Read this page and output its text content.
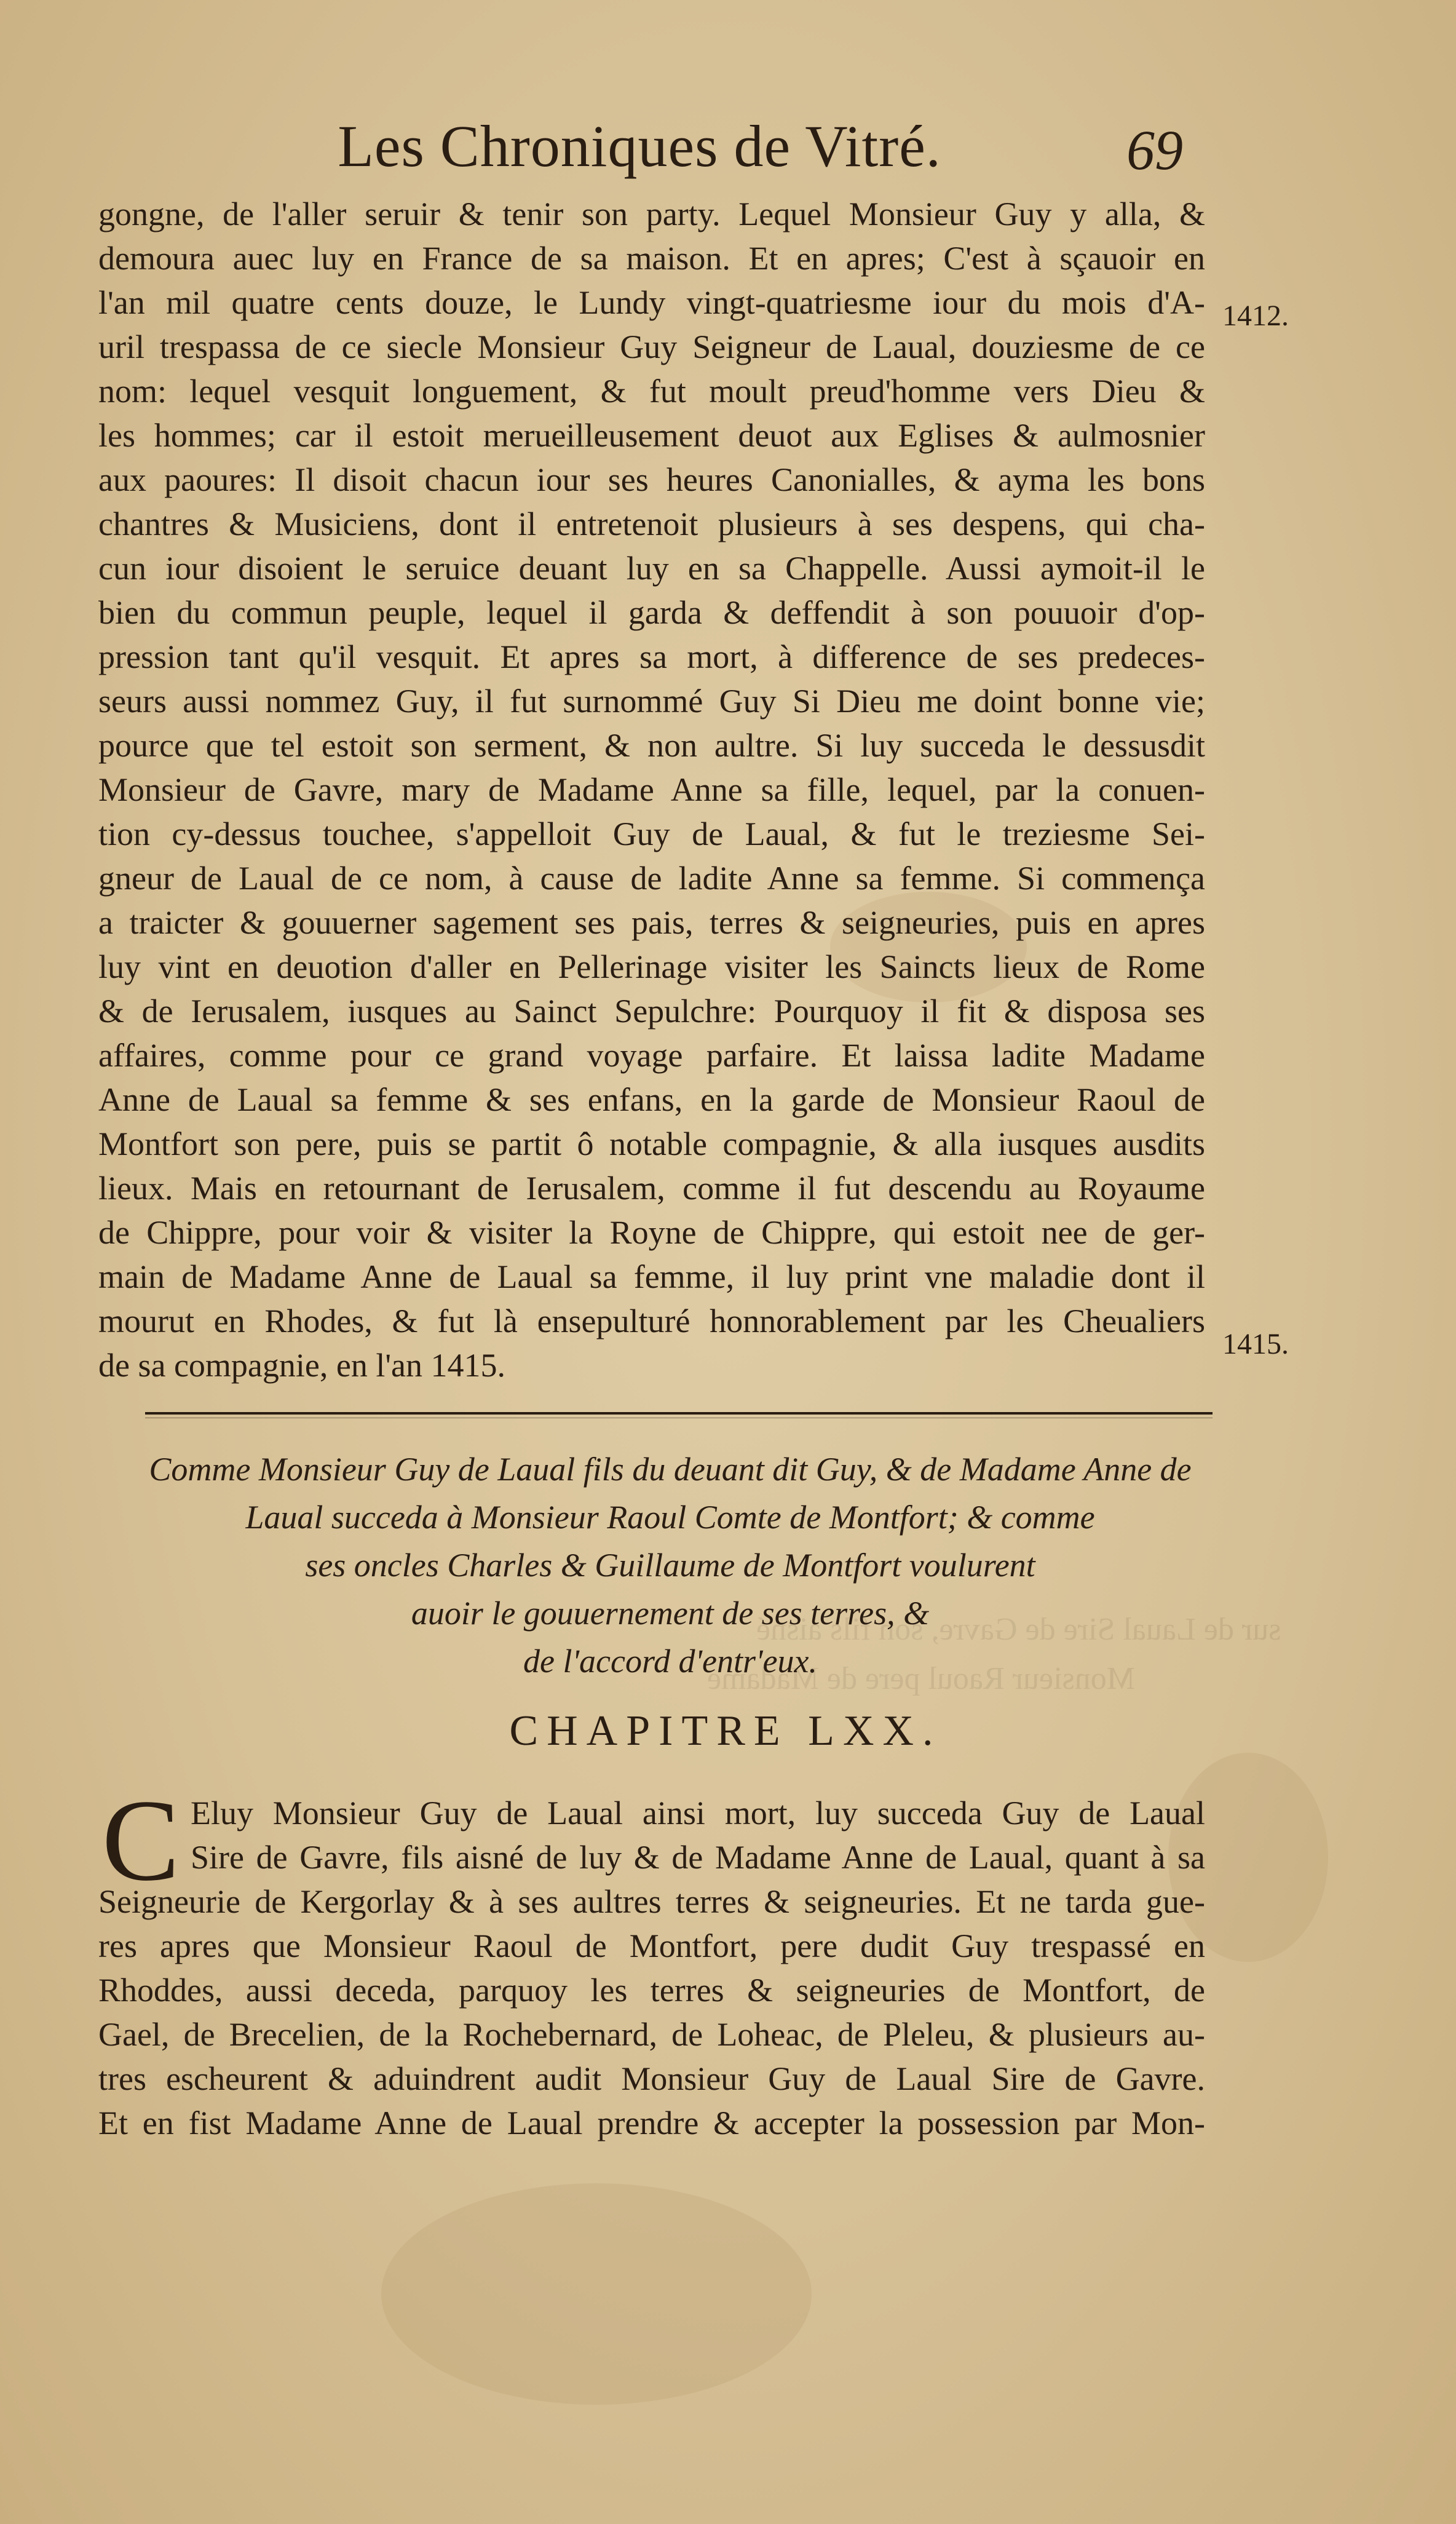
sur de Laual Sire de Gavre, son fils aisné
Monsieur Raoul pere de Madame
Les Chroniques de Vitré.	69
gongne, de l'aller seruir & tenir son party. Lequel Monsieur Guy y alla, &
demoura auec luy en France de sa maison. Et en apres; C'est à sçauoir en
l'an mil quatre cents douze, le Lundy vingt-quatriesme iour du mois d'A-
uril trespassa de ce siecle Monsieur Guy Seigneur de Laual, douziesme de ce
nom: lequel vesquit longuement, & fut moult preud'homme vers Dieu &
les hommes; car il estoit merueilleusement deuot aux Eglises & aulmosnier
aux paoures: Il disoit chacun iour ses heures Canonialles, & ayma les bons
chantres & Musiciens, dont il entretenoit plusieurs à ses despens, qui cha-
cun iour disoient le seruice deuant luy en sa Chappelle. Aussi aymoit-il le
bien du commun peuple, lequel il garda & deffendit à son pouuoir d'op-
pression tant qu'il vesquit. Et apres sa mort, à difference de ses predeces-
seurs aussi nommez Guy, il fut surnommé Guy Si Dieu me doint bonne vie;
pource que tel estoit son serment, & non aultre. Si luy succeda le dessusdit
Monsieur de Gavre, mary de Madame Anne sa fille, lequel, par la conuen-
tion cy-dessus touchee, s'appelloit Guy de Laual, & fut le treziesme Sei-
gneur de Laual de ce nom, à cause de ladite Anne sa femme. Si commença
a traicter & gouuerner sagement ses pais, terres & seigneuries, puis en apres
luy vint en deuotion d'aller en Pellerinage visiter les Saincts lieux de Rome
& de Ierusalem, iusques au Sainct Sepulchre: Pourquoy il fit & disposa ses
affaires, comme pour ce grand voyage parfaire. Et laissa ladite Madame
Anne de Laual sa femme & ses enfans, en la garde de Monsieur Raoul de
Montfort son pere, puis se partit ô notable compagnie, & alla iusques ausdits
lieux. Mais en retournant de Ierusalem, comme il fut descendu au Royaume
de Chippre, pour voir & visiter la Royne de Chippre, qui estoit nee de ger-
main de Madame Anne de Laual sa femme, il luy print vne maladie dont il
mourut en Rhodes, & fut là ensepulturé honnorablement par les Cheualiers
de sa compagnie, en l'an 1415.
1412.
1415.
Comme Monsieur Guy de Laual fils du deuant dit Guy, & de Madame Anne de
Laual succeda à Monsieur Raoul Comte de Montfort; & comme
ses oncles Charles & Guillaume de Montfort voulurent
auoir le gouuernement de ses terres, &
de l'accord d'entr'eux.
CHAPITRE LXX.
C Eluy Monsieur Guy de Laual ainsi mort, luy succeda Guy de Laual
Sire de Gavre, fils aisné de luy & de Madame Anne de Laual, quant à sa
Seigneurie de Kergorlay & à ses aultres terres & seigneuries. Et ne tarda gue-
res apres que Monsieur Raoul de Montfort, pere dudit Guy trespassé en
Rhoddes, aussi deceda, parquoy les terres & seigneuries de Montfort, de
Gael, de Brecelien, de la Rochebernard, de Loheac, de Pleleu, & plusieurs au-
tres escheurent & aduindrent audit Monsieur Guy de Laual Sire de Gavre.
Et en fist Madame Anne de Laual prendre & accepter la possession par Mon-
